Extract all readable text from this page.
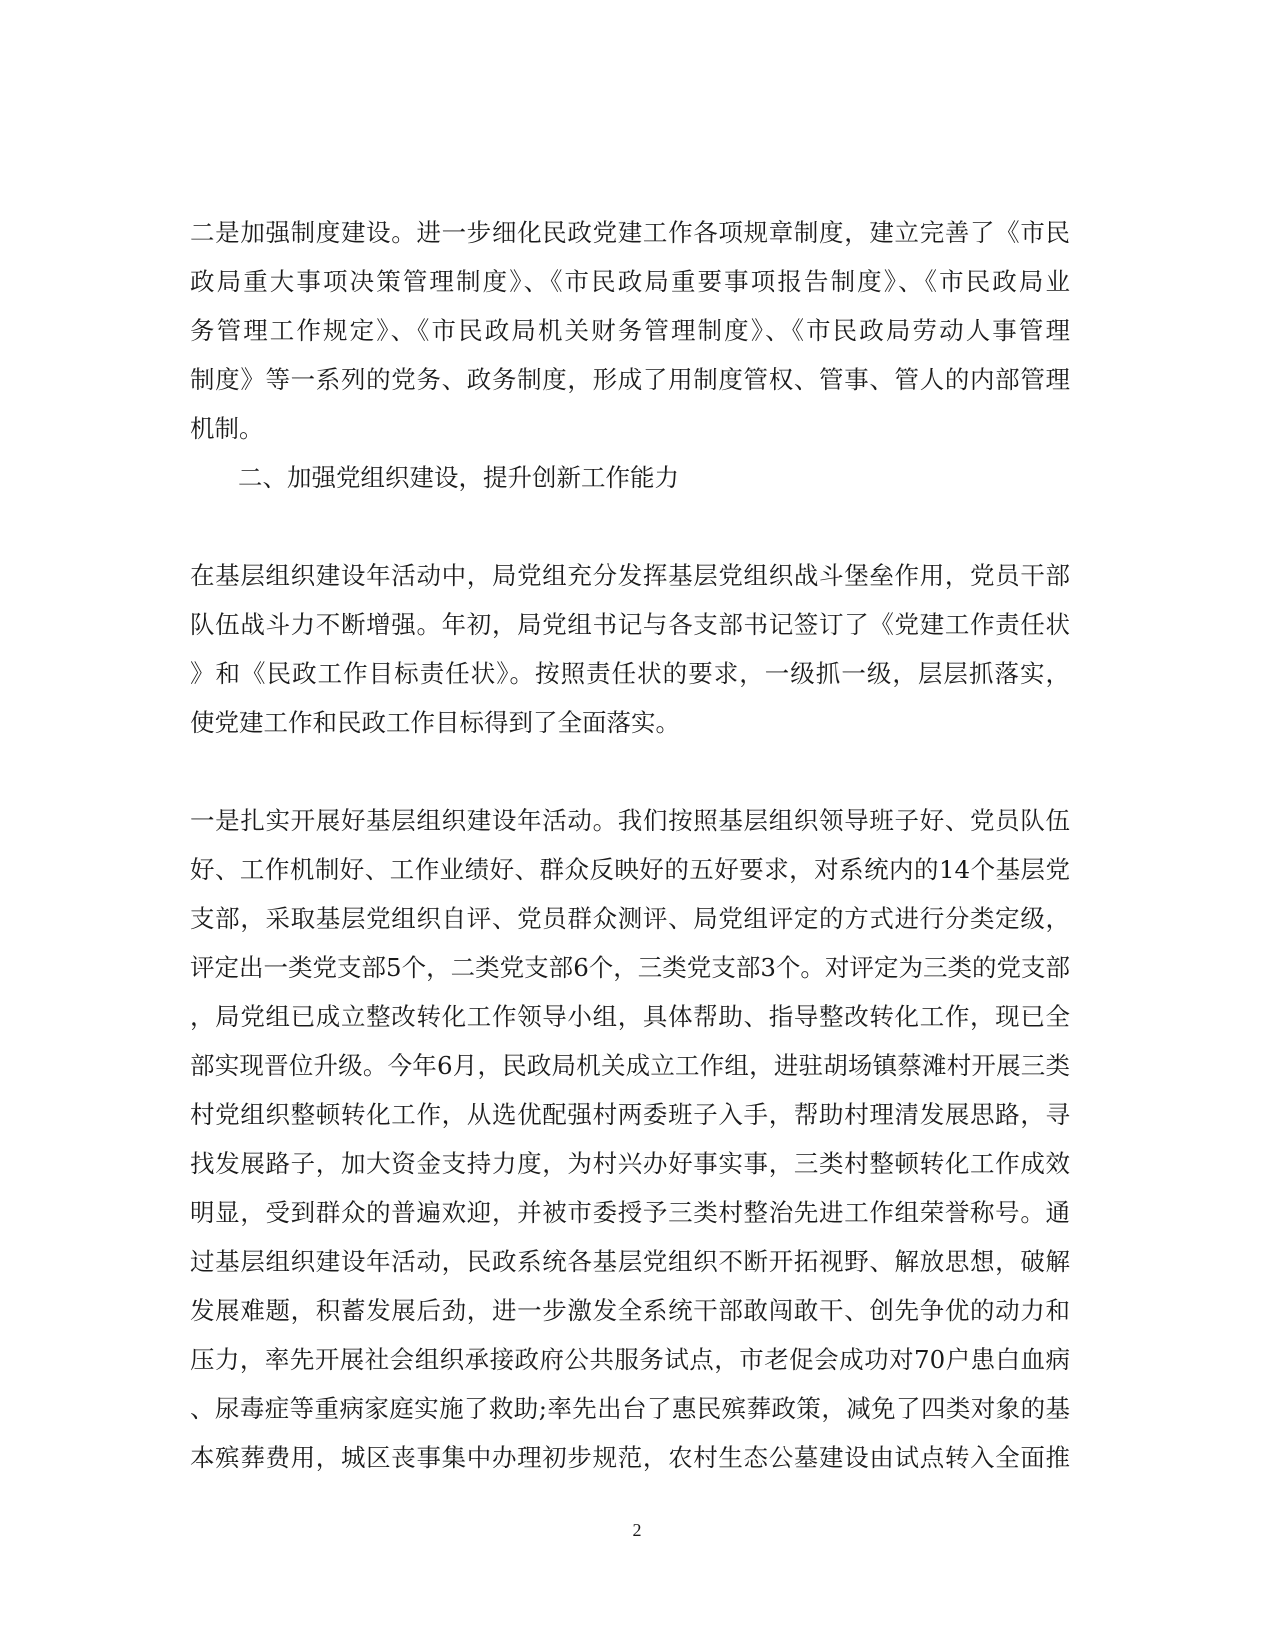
二是加强制度建设。进一步细化民政党建工作各项规章制度，建立完善了《市民
政局重大事项决策管理制度》、《市民政局重要事项报告制度》、《市民政局业
务管理工作规定》、《市民政局机关财务管理制度》、《市民政局劳动人事管理
制度》等一系列的党务、政务制度，形成了用制度管权、管事、管人的内部管理
机制。
二、加强党组织建设，提升创新工作能力
在基层组织建设年活动中，局党组充分发挥基层党组织战斗堡垒作用，党员干部
队伍战斗力不断增强。年初，局党组书记与各支部书记签订了《党建工作责任状
》和《民政工作目标责任状》。按照责任状的要求，一级抓一级，层层抓落实，
使党建工作和民政工作目标得到了全面落实。
一是扎实开展好基层组织建设年活动。我们按照基层组织领导班子好、党员队伍
好、工作机制好、工作业绩好、群众反映好的五好要求，对系统内的14个基层党
支部，采取基层党组织自评、党员群众测评、局党组评定的方式进行分类定级，
评定出一类党支部5个，二类党支部6个，三类党支部3个。对评定为三类的党支部
，局党组已成立整改转化工作领导小组，具体帮助、指导整改转化工作，现已全
部实现晋位升级。今年6月，民政局机关成立工作组，进驻胡场镇蔡滩村开展三类
村党组织整顿转化工作，从选优配强村两委班子入手，帮助村理清发展思路，寻
找发展路子，加大资金支持力度，为村兴办好事实事，三类村整顿转化工作成效
明显，受到群众的普遍欢迎，并被市委授予三类村整治先进工作组荣誉称号。通
过基层组织建设年活动，民政系统各基层党组织不断开拓视野、解放思想，破解
发展难题，积蓄发展后劲，进一步激发全系统干部敢闯敢干、创先争优的动力和
压力，率先开展社会组织承接政府公共服务试点，市老促会成功对70户患白血病
、尿毒症等重病家庭实施了救助;率先出台了惠民殡葬政策，减免了四类对象的基
本殡葬费用，城区丧事集中办理初步规范，农村生态公墓建设由试点转入全面推
2
